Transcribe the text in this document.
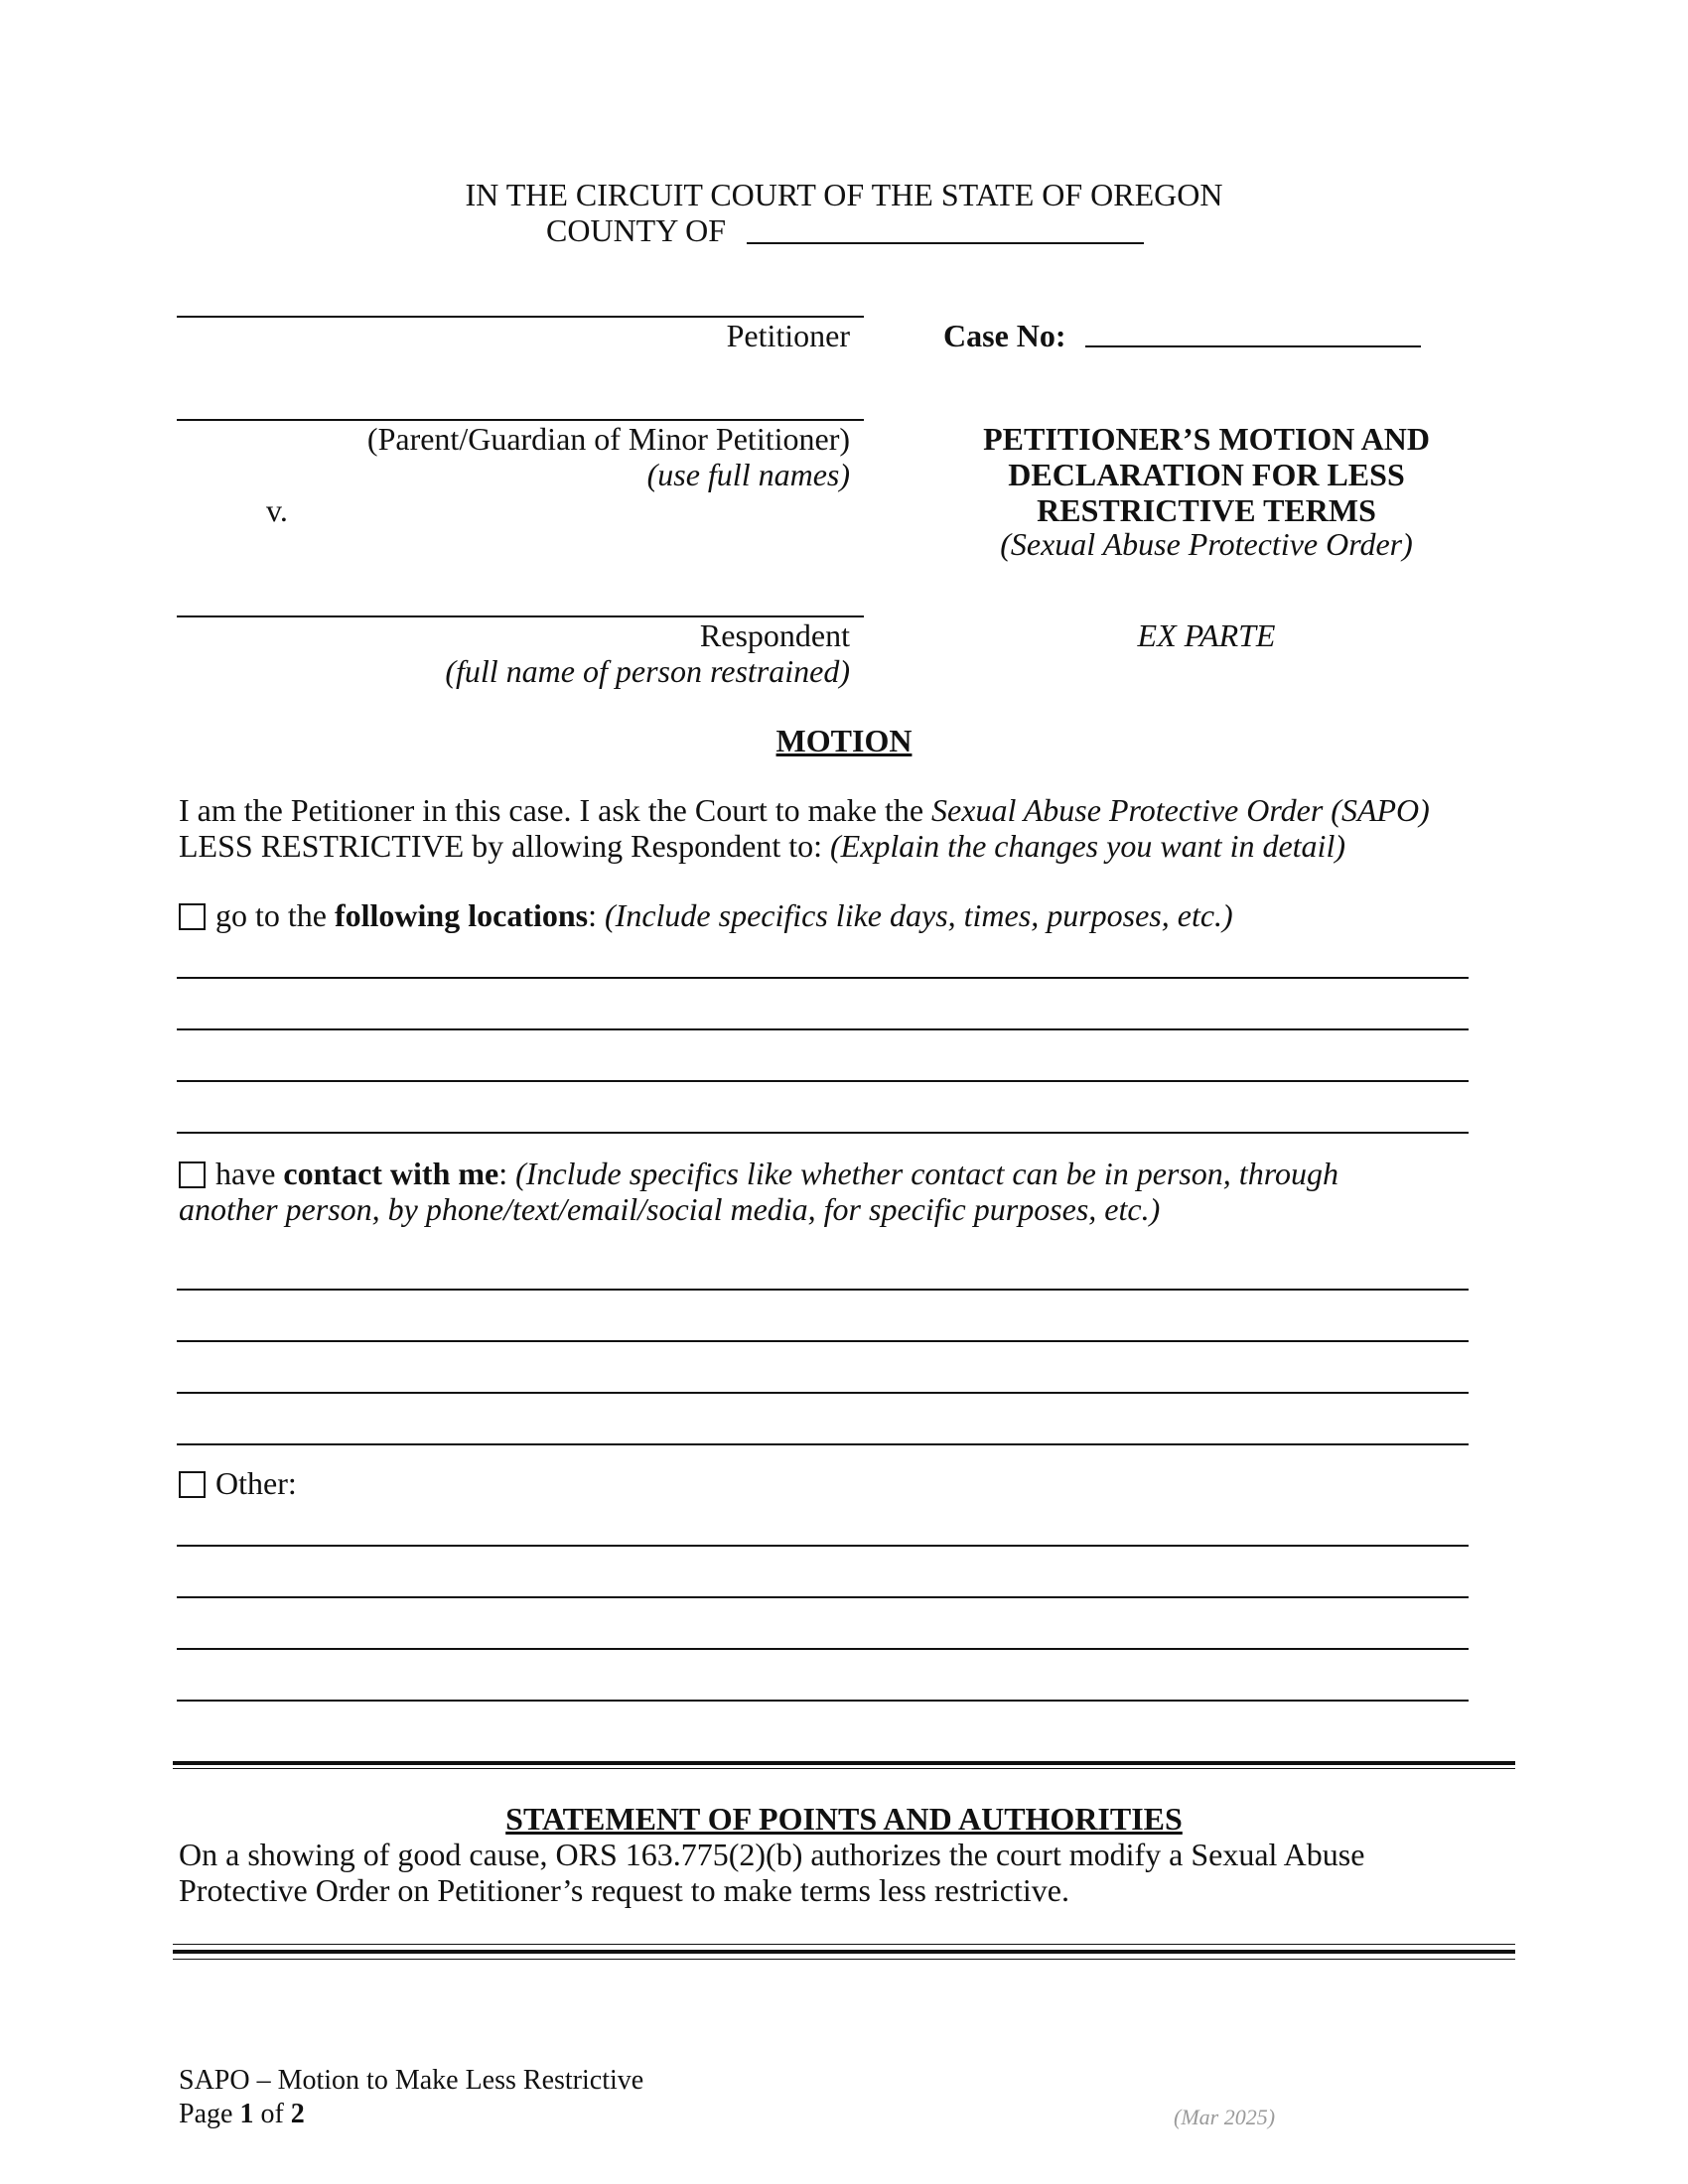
IN THE CIRCUIT COURT OF THE STATE OF OREGON
COUNTY OF
Petitioner
(Parent/Guardian of Minor Petitioner)
(use full names)
v.
Respondent
(full name of person restrained)
Case No:
PETITIONER’S MOTION AND
DECLARATION FOR LESS
RESTRICTIVE TERMS
(Sexual Abuse Protective Order)
EX PARTE
MOTION
I am the Petitioner in this case. I ask the Court to make the Sexual Abuse Protective Order (SAPO)
LESS RESTRICTIVE by allowing Respondent to: (Explain the changes you want in detail)
go to the following locations: (Include specifics like days, times, purposes, etc.)
have contact with me: (Include specifics like whether contact can be in person, through
another person, by phone/text/email/social media, for specific purposes, etc.)
Other:
STATEMENT OF POINTS AND AUTHORITIES
On a showing of good cause, ORS 163.775(2)(b) authorizes the court modify a Sexual Abuse
Protective Order on Petitioner’s request to make terms less restrictive.
SAPO – Motion to Make Less Restrictive
Page 1 of 2	(Mar 2025)
